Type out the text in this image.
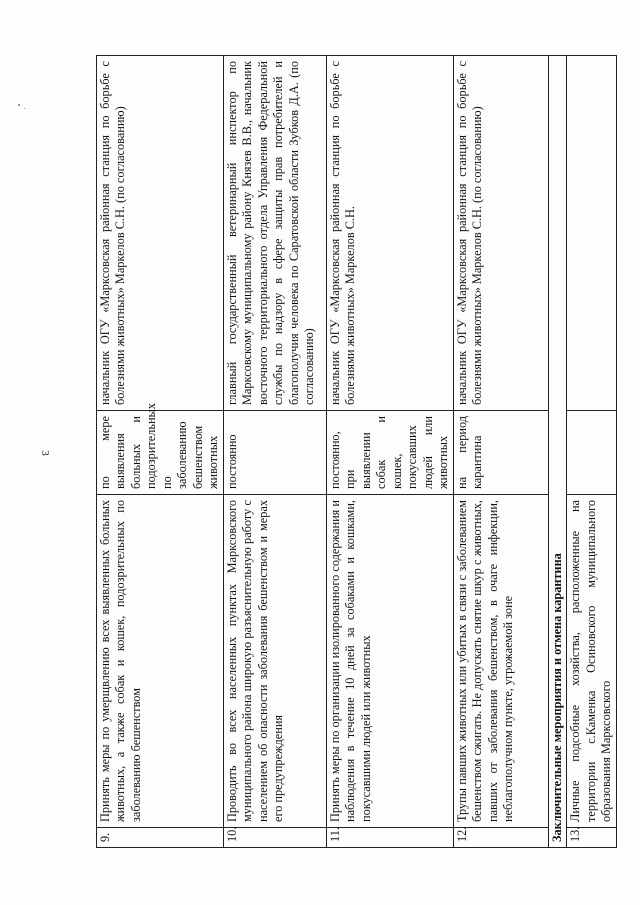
3
9.	Принять меры по умерщвлению всех выявленных больных животных, а также собак и кошек, подозрительных по заболеванию бешенством	по мере выявления больных и подозрительных по заболеванию бешенством животных	начальник ОГУ «Марксовская районная станция по борьбе с болезнями животных» Маркелов С.Н. (по согласованию)
10.	Проводить во всех населенных пунктах Марксовского муниципального района широкую разъяснительную работу с населением об опасности заболевания бешенством и мерах его предупреждения	постоянно	главный государственный ветеринарный инспектор по Марксовскому муниципальному району Князев В.В., начальник восточного территориального отдела Управления Федеральной службы по надзору в сфере защиты прав потребителей и благополучия человека по Саратовской области Зубков Д.А. (по согласованию)
11.	Принять меры по организации изолированного содержания и наблюдения в течение 10 дней за собаками и кошками, покусавшими людей или животных	постоянно, при выявлении собак и кошек, покусавших людей или животных	начальник ОГУ «Марксовская районная станция по борьбе с болезнями животных» Маркелов С.Н.
12.	Трупы павших животных или убитых в связи с заболеванием бешенством сжигать. Не допускать снятие шкур с животных, павших от заболевания бешенством, в очаге инфекции, неблагополучном пункте, угрожаемой зоне	на период карантина	начальник ОГУ «Марксовская районная станция по борьбе с болезнями животных» Маркелов С.Н. (по согласованию)
Заключительные мероприятия и отмена карантина			
13.	Личные подсобные хозяйства, расположенные на территории с.Каменка Осиновского муниципального образования Марксовского		
